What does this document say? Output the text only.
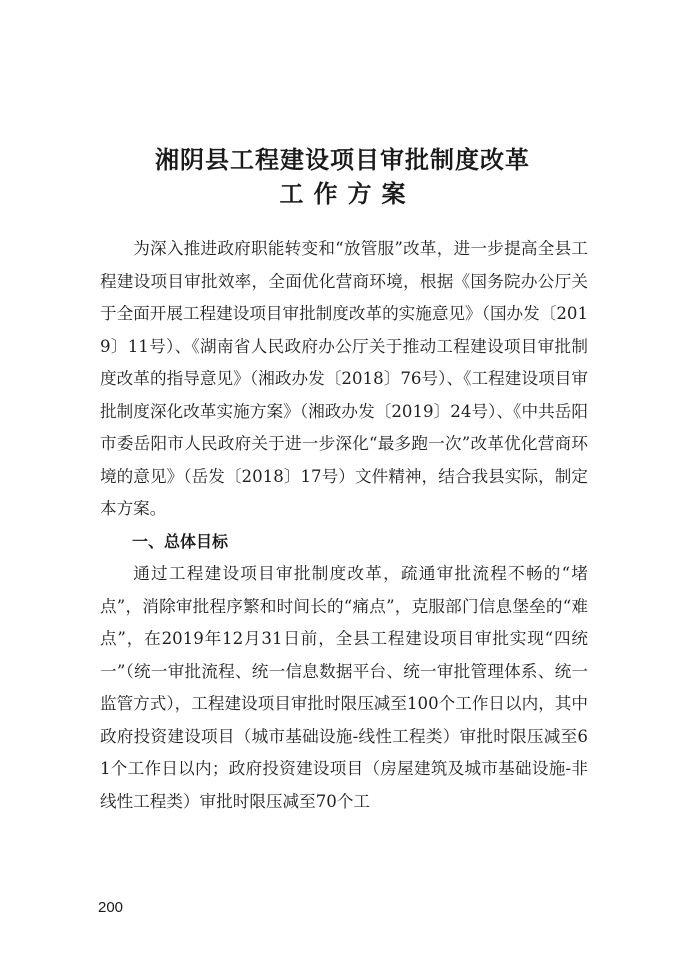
湘阴县工程建设项目审批制度改革
工作方案

为深入推进政府职能转变和“放管服”改革，进一步提高全县工程建设项目审批效率，全面优化营商环境，根据《国务院办公厅关于全面开展工程建设项目审批制度改革的实施意见》（国办发〔2019〕11号）、《湖南省人民政府办公厅关于推动工程建设项目审批制度改革的指导意见》（湘政办发〔2018〕76号）、《工程建设项目审批制度深化改革实施方案》（湘政办发〔2019〕24号）、《中共岳阳市委岳阳市人民政府关于进一步深化“最多跑一次”改革优化营商环境的意见》（岳发〔2018〕17号）文件精神，结合我县实际，制定本方案。

一、总体目标

通过工程建设项目审批制度改革，疏通审批流程不畅的“堵点”，消除审批程序繁和时间长的“痛点”，克服部门信息堡垒的“难点”，在2019年12月31日前，全县工程建设项目审批实现“四统一”（统一审批流程、统一信息数据平台、统一审批管理体系、统一监管方式），工程建设项目审批时限压减至100个工作日以内，其中政府投资建设项目（城市基础设施-线性工程类）审批时限压减至61个工作日以内；政府投资建设项目（房屋建筑及城市基础设施-非线性工程类）审批时限压减至70个工

200
